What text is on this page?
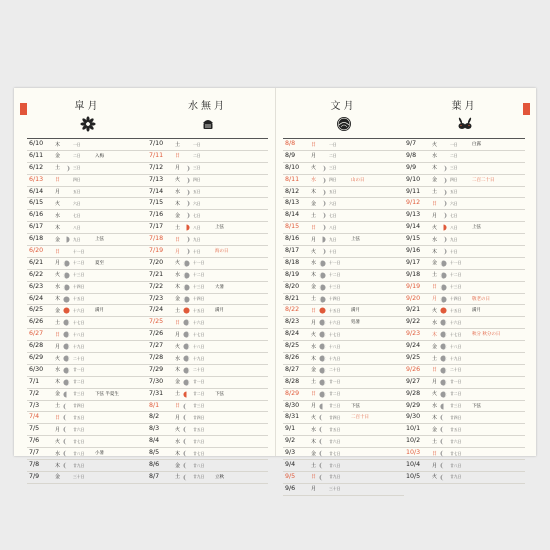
皐月
6/10	木	一日
6/11	金	二日	入梅
6/12	土	三日
6/13	日	四日
6/14	月	五日
6/15	火	六日
6/16	水	七日
6/17	木	八日
6/18	金	九日	上弦
6/20	日	十一日
6/21	月	十二日 夏至
6/22	火	十三日
6/23	水	十四日
6/24	木	十五日
6/25	金	十六日 満月
6/26	土	十七日
6/27	日	十八日
6/28	月	十九日
6/29	火	二十日
6/30	水	廿一日
7/1	木	廿二日
7/2	金	廿三日 下弦 半夏生
7/3	土	廿四日
7/4	日	廿五日
7/5	月	廿六日
7/6	火	廿七日
7/7	水	廿八日 小暑
7/8	木	廿九日
7/9	金	三十日
水無月
7/10	土	一日
7/11	日	二日
7/12	月	三日
7/13	火	四日
7/14	水	五日
7/15	木	六日
7/16	金	七日
7/17	土	八日	上弦
7/18	日	九日
7/19	月	十日	海の日
7/20	火	十一日
7/21	水	十二日
7/22	木	十三日 大暑
7/23	金	十四日
7/24	土	十五日 満月
7/25	日	十六日
7/26	月	十七日
7/27	火	十八日
7/28	水	十九日
7/29	木	二十日
7/30	金	廿一日
7/31	土	廿二日 下弦
8/1	日	廿三日
8/2	月	廿四日
8/3	火	廿五日
8/4	水	廿六日
8/5	木	廿七日
8/6	金	廿八日
8/7	土	廿九日 立秋
文月
8/8	日	一日
8/9	月	二日
8/10	火	三日
8/11	水	四日	山の日
8/12	木	五日
8/13	金	六日
8/14	土	七日
8/15	日	八日
8/16	月	九日	上弦
8/17	火	十日
8/18	水	十一日
8/19	木	十二日
8/20	金	十三日
8/21	土	十四日
8/22	日	十五日 満月
8/23	月	十六日 処暑
8/24	火	十七日
8/25	水	十八日
8/26	木	十九日
8/27	金	二十日
8/28	土	廿一日
8/29	日	廿二日
8/30	月	廿三日 下弦
8/31	火	廿四日 二百十日
9/1	水	廿五日
9/2	木	廿六日
9/3	金	廿七日
9/4	土	廿八日
9/5	日	廿九日
9/6	月	三十日
葉月
9/7	火	一日	白露
9/8	水	二日
9/9	木	三日
9/10	金	四日	二百二十日
9/11	土	五日
9/12	日	六日
9/13	月	七日
9/14	火	八日	上弦
9/15	水	九日
9/16	木	十日
9/17	金	十一日
9/18	土	十二日
9/19	日	十三日
9/20	月	十四日 敬老の日
9/21	火	十五日 満月
9/22	水	十六日
9/23	木	十七日 秋分 秋分の日
9/24	金	十八日
9/25	土	十九日
9/26	日	二十日
9/27	月	廿一日
9/28	火	廿二日
9/29	水	廿三日 下弦
9/30	木	廿四日
10/1	金	廿五日
10/2	土	廿六日
10/3	日	廿七日
10/4	月	廿八日
10/5	火	廿九日
